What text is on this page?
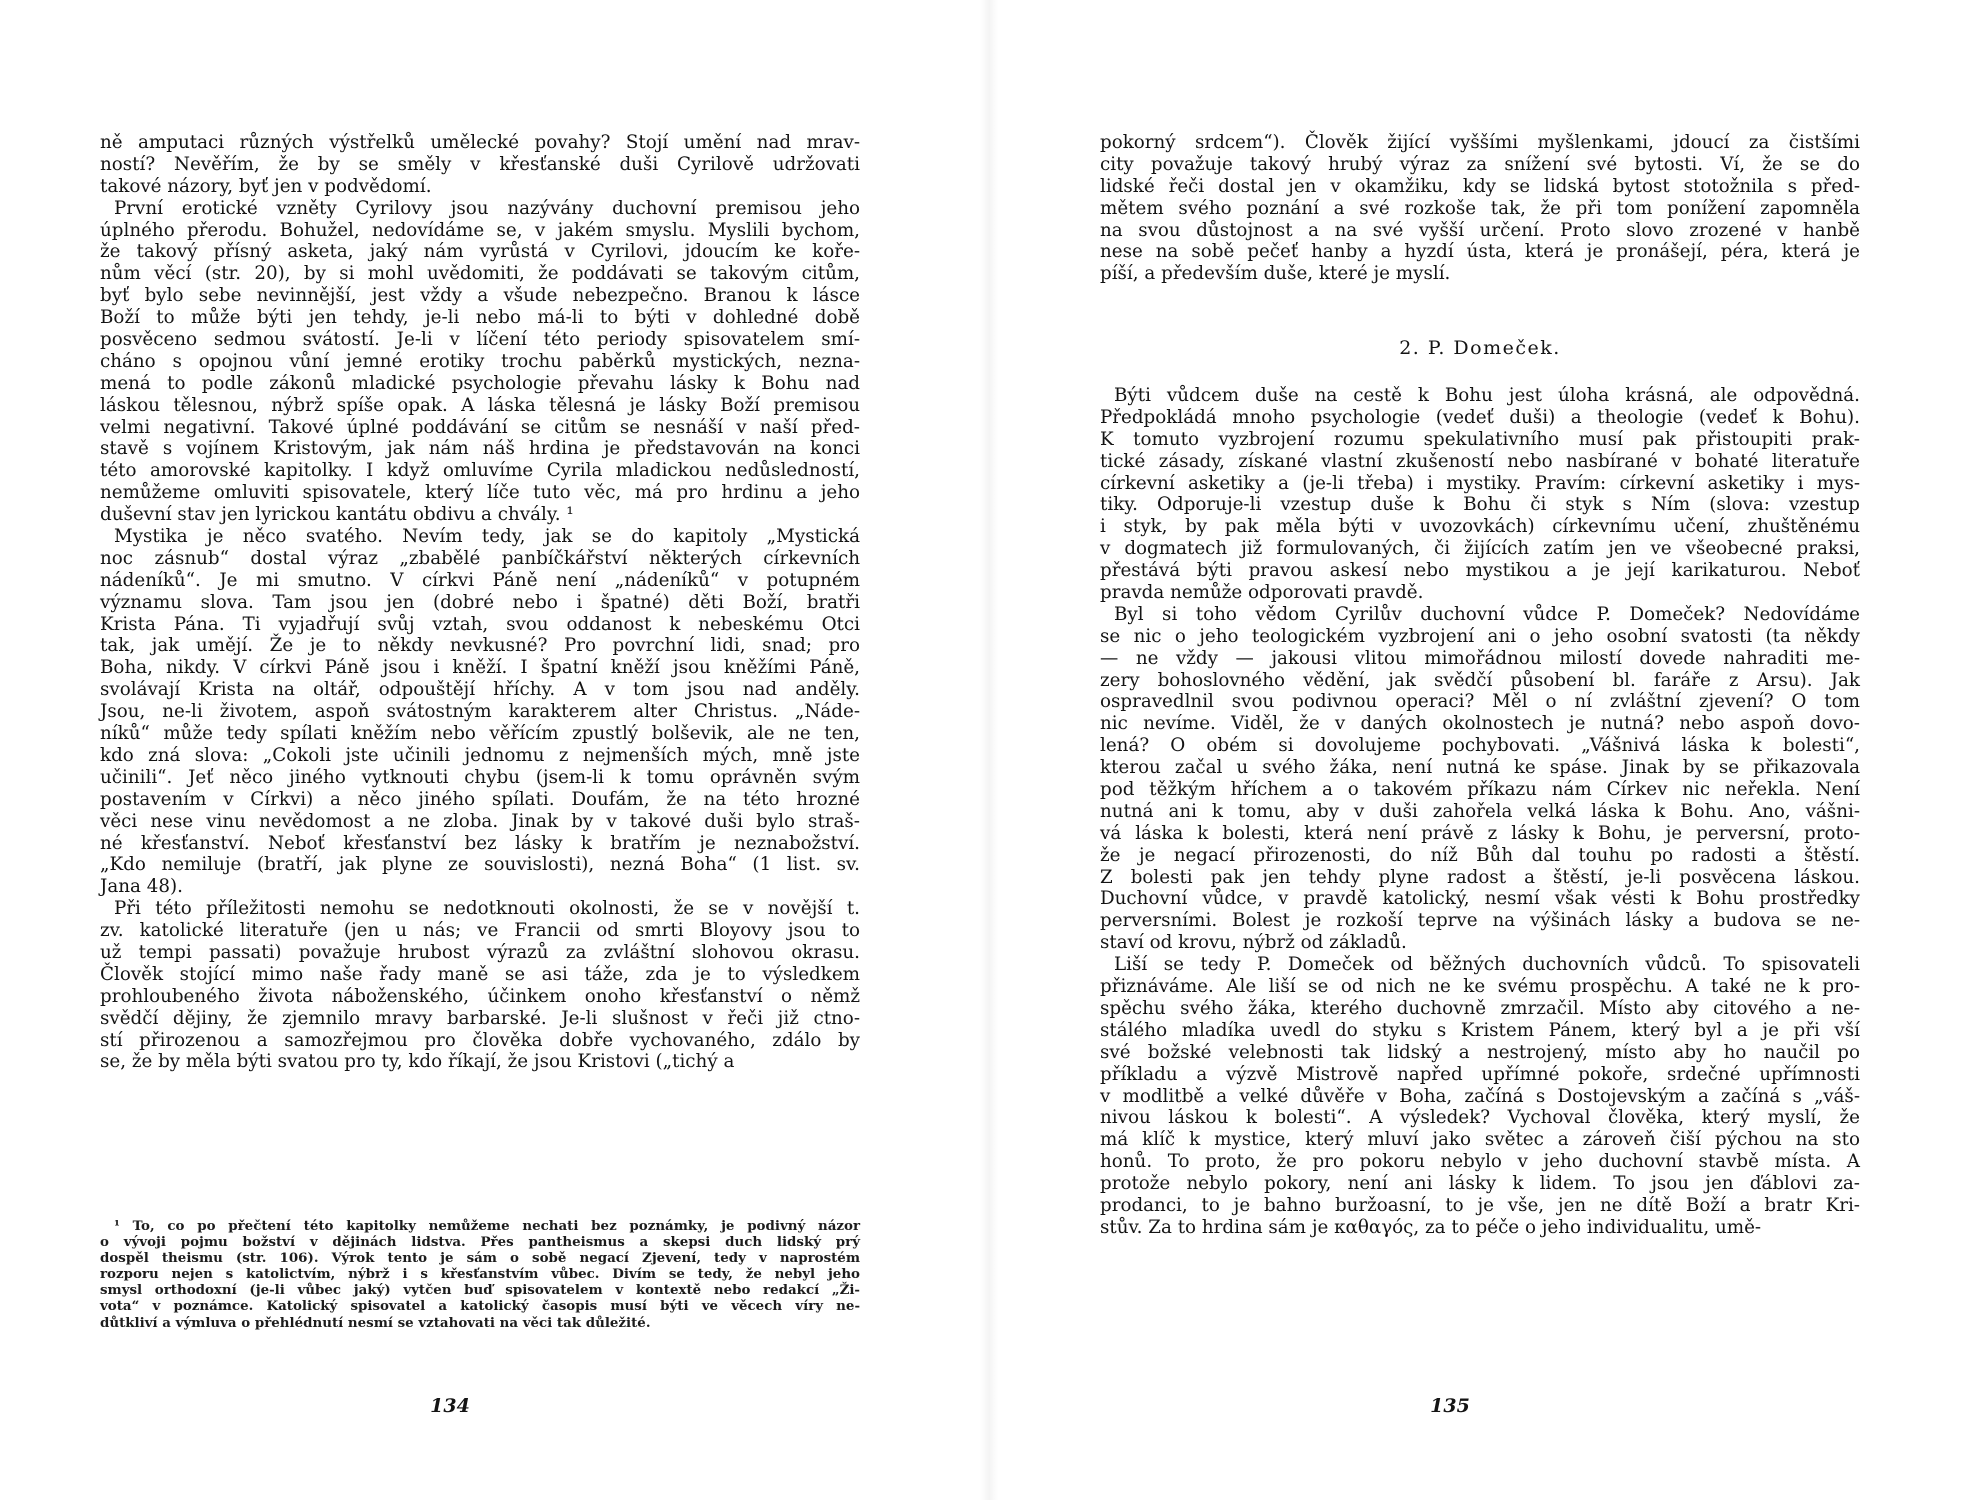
ně amputaci různých výstřelků umělecké povahy? Stojí umění nad mrav-
ností? Nevěřím, že by se směly v křesťanské duši Cyrilově udržovati
takové názory, byť jen v podvědomí.
První erotické vzněty Cyrilovy jsou nazývány duchovní premisou jeho
úplného přerodu. Bohužel, nedovídáme se, v jakém smyslu. Myslili bychom,
že takový přísný asketa, jaký nám vyrůstá v Cyrilovi, jdoucím ke kořе-
nům věcí (str. 20), by si mohl uvědomiti, že poddávati se takovým citům,
byť bylo sebe nevinnější, jest vždy a všude nebezpečno. Branou k lásce
Boží to může býti jen tehdy, je-li nebo má-li to býti v dohledné době
posvěceno sedmou svátostí. Je-li v líčení této periody spisovatelem smí-
cháno s opojnou vůní jemné erotiky trochu paběrků mystických, nezna-
mená to podle zákonů mladické psychologie převahu lásky k Bohu nad
láskou tělesnou, nýbrž spíše opak. A láska tělesná je lásky Boží premisou
velmi negativní. Takové úplné poddávání se citům se nesnáší v naší před-
stavě s vojínem Kristovým, jak nám náš hrdina je představován na konci
této amorovské kapitolky. I když omluvíme Cyrila mladickou nedůsledností,
nemůžeme omluviti spisovatele, který líče tuto věc, má pro hrdinu a jeho
duševní stav jen lyrickou kantátu obdivu a chvály. ¹
Mystika je něco svatého. Nevím tedy, jak se do kapitoly „Mystická
noc zásnub“ dostal výraz „zbabělé panbíčkářství některých církevních
nádeníků“. Je mi smutno. V církvi Páně není „nádeníků“ v potupném
významu slova. Tam jsou jen (dobré nebo i špatné) děti Boží, bratři
Krista Pána. Ti vyjadřují svůj vztah, svou oddanost k nebeskému Otci
tak, jak umějí. Že je to někdy nevkusné? Pro povrchní lidi, snad; pro
Boha, nikdy. V církvi Páně jsou i kněží. I špatní kněží jsou kněžími Páně,
svolávají Krista na oltář, odpouštějí hříchy. A v tom jsou nad anděly.
Jsou, ne-li životem, aspoň svátostným karakterem alter Christus. „Náde-
níků“ může tedy spílati kněžím nebo věřícím zpustlý bolševik, ale ne ten,
kdo zná slova: „Cokoli jste učinili jednomu z nejmenších mých, mně jste
učinili“. Jeť něco jiného vytknouti chybu (jsem-li k tomu oprávněn svým
postavením v Církvi) a něco jiného spílati. Doufám, že na této hrozné
věci nese vinu nevědomost a ne zloba. Jinak by v takové duši bylo straš-
né křesťanství. Neboť křesťanství bez lásky k bratřím je neznabožství.
„Kdo nemiluje (bratří, jak plyne ze souvislosti), nezná Boha“ (1 list. sv.
Jana 48).
Při této příležitosti nemohu se nedotknouti okolnosti, že se v novější t.
zv. katolické literatuře (jen u nás; ve Francii od smrti Bloyovy jsou to
už tempi passati) považuje hrubost výrazů za zvláštní slohovou okrasu.
Člověk stojící mimo naše řady maně se asi táže, zda je to výsledkem
prohloubeného života náboženského, účinkem onoho křesťanství o němž
svědčí dějiny, že zjemnilo mravy barbarské. Je-li slušnost v řeči již ctno-
stí přirozenou a samozřejmou pro člověka dobře vychovaného, zdálo by
se, že by měla býti svatou pro ty, kdo říkají, že jsou Kristovi („tichý a
¹ To, co po přečtení této kapitolky nemůžeme nechati bez poznámky, je podivný názor
o vývoji pojmu božství v dějinách lidstva. Přes pantheismus a skepsi duch lidský prý
dospěl theismu (str. 106). Výrok tento je sám o sobě negací Zjevení, tedy v naprostém
rozporu nejen s katolictvím, nýbrž i s křesťanstvím vůbec. Divím se tedy, že nebyl jeho
smysl orthodoxní (je-li vůbec jaký) vytčen buď spisovatelem v kontextě nebo redakcí „Ži-
vota“ v poznámce. Katolický spisovatel a katolický časopis musí býti ve věcech víry ne-
důtkliví a výmluva o přehlédnutí nesmí se vztahovati na věci tak důležité.
134
pokorný srdcem“). Člověk žijící vyššími myšlenkami, jdoucí za čistšími
city považuje takový hrubý výraz za snížení své bytosti. Ví, že se do
lidské řeči dostal jen v okamžiku, kdy se lidská bytost stotožnila s před-
mětem svého poznání a své rozkoše tak, že při tom ponížení zapomněla
na svou důstojnost a na své vyšší určení. Proto slovo zrozené v hanbě
nese na sobě pečeť hanby a hyzdí ústa, která je pronášejí, péra, která je
píší, a především duše, které je myslí.
2. P. Domeček.
Býti vůdcem duše na cestě k Bohu jest úloha krásná, ale odpovědná.
Předpokládá mnoho psychologie (vedeť duši) a theologie (vedeť k Bohu).
K tomuto vyzbrojení rozumu spekulativního musí pak přistoupiti prak-
tické zásady, získané vlastní zkušeností nebo nasbírané v bohaté literatuře
církevní asketiky a (je-li třeba) i mystiky. Pravím: církevní asketiky i mys-
tiky. Odporuje-li vzestup duše k Bohu či styk s Ním (slova: vzestup
i styk, by pak měla býti v uvozovkách) církevnímu učení, zhuštěnému
v dogmatech již formulovaných, či žijících zatím jen ve všeobecné praksi,
přestává býti pravou askesí nebo mystikou a je její karikaturou. Neboť
pravda nemůže odporovati pravdě.
Byl si toho vědom Cyrilův duchovní vůdce P. Domeček? Nedovídáme
se nic o jeho teologickém vyzbrojení ani o jeho osobní svatosti (ta někdy
— ne vždy — jakousi vlitou mimořádnou milostí dovede nahraditi me-
zery bohoslovného vědění, jak svědčí působení bl. faráře z Arsu). Jak
ospravedlnil svou podivnou operaci? Měl o ní zvláštní zjevení? O tom
nic nevíme. Viděl, že v daných okolnostech je nutná? nebo aspoň dovo-
lená? O obém si dovolujeme pochybovati. „Vášnivá láska k bolesti“,
kterou začal u svého žáka, není nutná ke spáse. Jinak by se přikazovala
pod těžkým hříchem a o takovém příkazu nám Církev nic neřekla. Není
nutná ani k tomu, aby v duši zahořela velká láska k Bohu. Ano, vášni-
vá láska k bolesti, která není právě z lásky k Bohu, je perversní, proto-
že je negací přirozenosti, do níž Bůh dal touhu po radosti a štěstí.
Z bolesti pak jen tehdy plyne radost a štěstí, je-li posvěcena láskou.
Duchovní vůdce, v pravdě katolický, nesmí však vésti k Bohu prostředky
perversními. Bolest je rozkoší teprve na výšinách lásky a budova se ne-
staví od krovu, nýbrž od základů.
Liší se tedy P. Domeček od běžných duchovních vůdců. To spisovateli
přiznáváme. Ale liší se od nich ne ke svému prospěchu. A také ne k pro-
spěchu svého žáka, kterého duchovně zmrzačil. Místo aby citového a ne-
stálého mladíka uvedl do styku s Kristem Pánem, který byl a je při vší
své božské velebnosti tak lidský a nestrojený, místo aby ho naučil po
příkladu a výzvě Mistrově napřed upřímné pokoře, srdečné upřímnosti
v modlitbě a velké důvěře v Boha, začíná s Dostojevským a začíná s „váš-
nivou láskou k bolesti“. A výsledek? Vychoval člověka, který myslí, že
má klíč k mystice, který mluví jako světec a zároveň čiší pýchou na sto
honů. To proto, že pro pokoru nebylo v jeho duchovní stavbě místa. A
protože nebylo pokory, není ani lásky k lidem. To jsou jen ďáblovi za-
prodanci, to je bahno buržoasní, to je vše, jen ne dítě Boží a bratr Kri-
stův. Za to hrdina sám je καθαγός, za to péče o jeho individualitu, umě-
135
